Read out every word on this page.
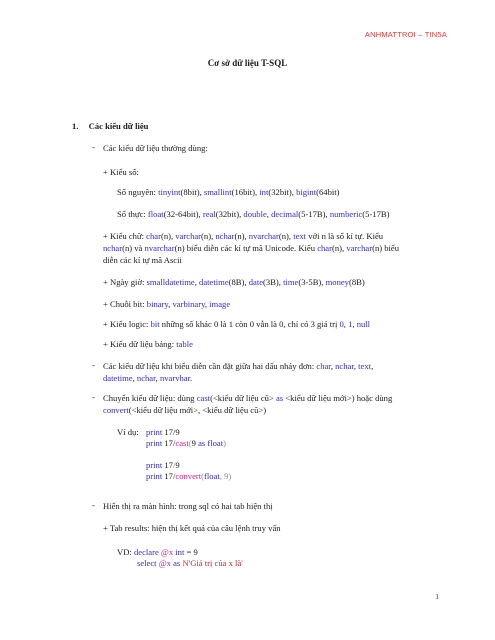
ANHMATTROI – TIN5A
Cơ sở dữ liệu T-SQL
1. Các kiểu dữ liệu
- Các kiểu dữ liệu thường dùng:
+ Kiểu số:
Số nguyên: tinyint(8bit), smallint(16bit), int(32bit), bigint(64bit)
Số thực: float(32-64bit), real(32bit), double, decimal(5-17B), numberic(5-17B)
+ Kiểu chữ: char(n), varchar(n), nchar(n), nvarchar(n), text với n là số kí tự. Kiểu
nchar(n) và nvarchar(n) biểu diễn các kí tự mã Unicode. Kiểu char(n), varchar(n) biểu
diễn các kí tự mã Ascii
+ Ngày giờ: smalldatetime, datetime(8B), date(3B), time(3-5B), money(8B)
+ Chuỗi bit: binary, varbinary, image
+ Kiểu logic: bit những số khác 0 là 1 còn 0 vẫn là 0, chỉ có 3 giá trị 0, 1, null
+ Kiểu dữ liệu bảng: table
- Các kiểu dữ liệu khi biểu diễn cần đặt giữa hai dấu nháy đơn: char, nchar, text,
datetime, nchar, nvarvhar.
- Chuyển kiểu dữ liệu: dùng cast(<kiểu dữ liệu cũ> as <kiểu dữ liệu mới>) hoặc dùng
convert(<kiểu dữ liệu mới>, <kiểu dữ liệu cũ>)
Ví dụ: print 17/9
print 17/cast(9 as float)
print 17/9
print 17/convert(float, 9)
- Hiển thị ra màn hình: trong sql có hai tab hiện thị
+ Tab results: hiện thị kết quả của câu lệnh truy vấn
VD: declare @x int = 9
select @x as N'Giá trị của x là'
1
